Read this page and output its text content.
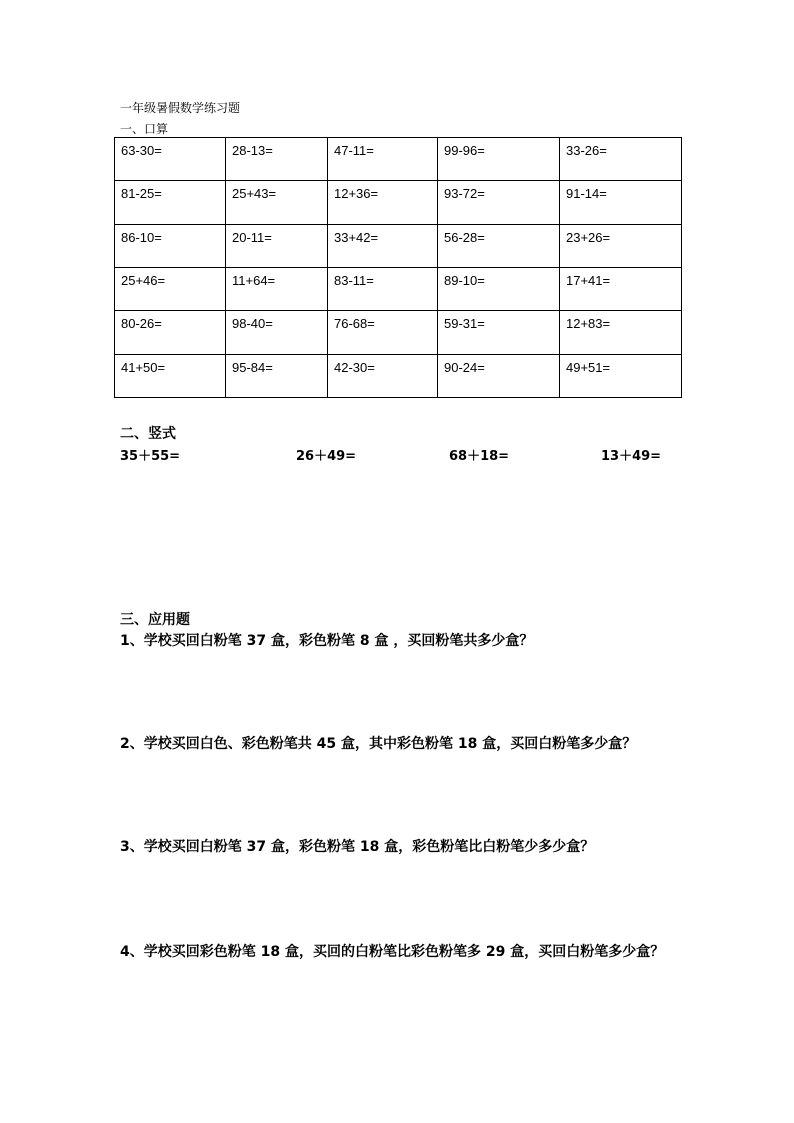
一年级暑假数学练习题
一、口算
63-30=	28-13=	47-11=	99-96=	33-26=
81-25=	25+43=	12+36=	93-72=	91-14=
86-10=	20-11=	33+42=	56-28=	23+26=
25+46=	11+64=	83-11=	89-10=	17+41=
80-26=	98-40=	76-68=	59-31=	12+83=
41+50=	95-84=	42-30=	90-24=	49+51=
二、竖式
35＋55=	26＋49=	68＋18=	13＋49=
三、应用题
1、学校买回白粉笔 37 盒，彩色粉笔 8 盒 ，买回粉笔共多少盒？
2、学校买回白色、彩色粉笔共 45 盒，其中彩色粉笔 18 盒，买回白粉笔多少盒？
3、学校买回白粉笔 37 盒，彩色粉笔 18 盒，彩色粉笔比白粉笔少多少盒？
4、学校买回彩色粉笔 18 盒，买回的白粉笔比彩色粉笔多 29 盒，买回白粉笔多少盒？
